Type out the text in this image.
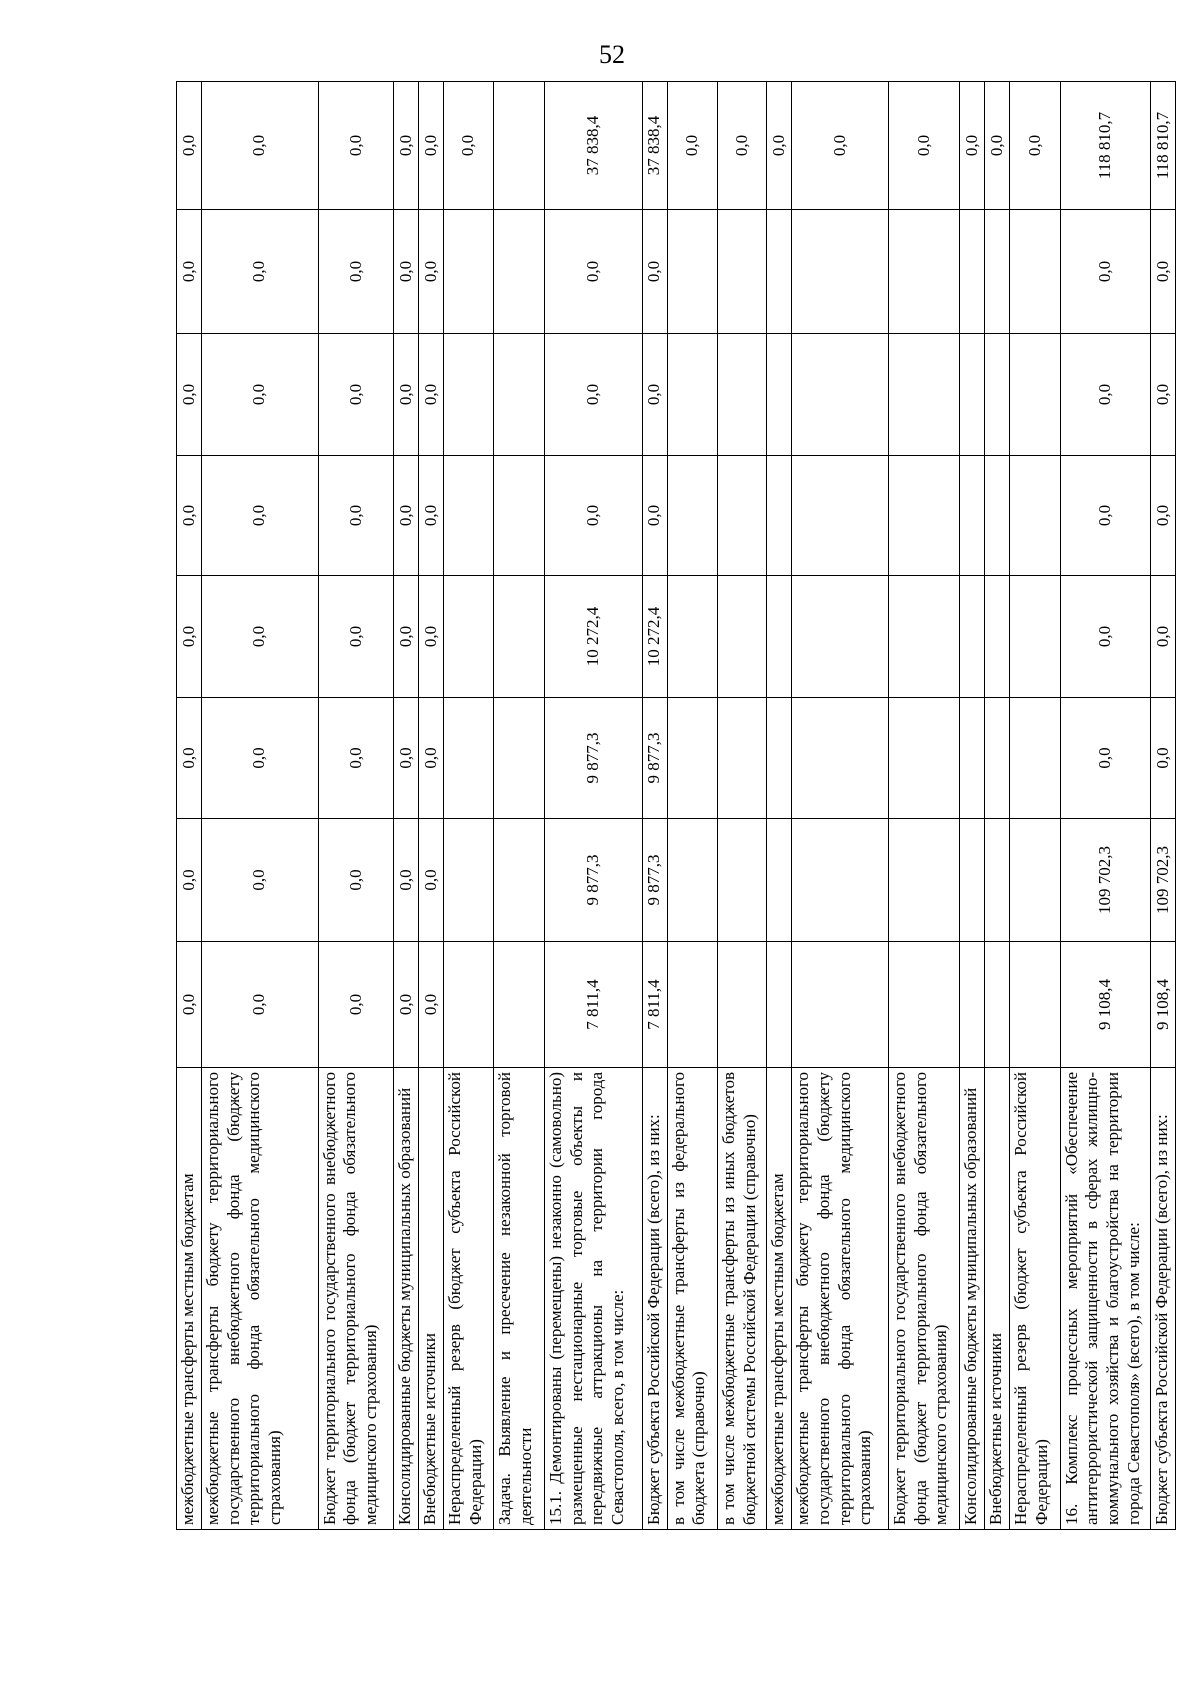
52
межбюджетные трансферты местным бюджетам	0,0	0,0	0,0	0,0	0,0	0,0	0,0	0,0
межбюджетные трансферты бюджету территориального государственного внебюджетного фонда (бюджету территориального фонда обязательного медицинского страхования)	0,0	0,0	0,0	0,0	0,0	0,0	0,0	0,0
Бюджет территориального государственного внебюджетного фонда (бюджет территориального фонда обязательного медицинского страхования)	0,0	0,0	0,0	0,0	0,0	0,0	0,0	0,0
Консолидированные бюджеты муниципальных образований	0,0	0,0	0,0	0,0	0,0	0,0	0,0	0,0
Внебюджетные источники	0,0	0,0	0,0	0,0	0,0	0,0	0,0	0,0
Нераспределенный резерв (бюджет субъекта Российской Федерации)								0,0
Задача. Выявление и пресечение незаконной торговой деятельности								
15.1. Демонтированы (перемещены) незаконно (самовольно) размещенные нестационарные торговые объекты и передвижные аттракционы на территории города Севастополя, всего, в том числе:	7 811,4	9 877,3	9 877,3	10 272,4	0,0	0,0	0,0	37 838,4
Бюджет субъекта Российской Федерации (всего), из них:	7 811,4	9 877,3	9 877,3	10 272,4	0,0	0,0	0,0	37 838,4
в том числе межбюджетные трансферты из федерального бюджета (справочно)								0,0
в том числе межбюджетные трансферты из иных бюджетов бюджетной системы Российской Федерации (справочно)								0,0
межбюджетные трансферты местным бюджетам								0,0
межбюджетные трансферты бюджету территориального государственного внебюджетного фонда (бюджету территориального фонда обязательного медицинского страхования)								0,0
Бюджет территориального государственного внебюджетного фонда (бюджет территориального фонда обязательного медицинского страхования)								0,0
Консолидированные бюджеты муниципальных образований								0,0
Внебюджетные источники								0,0
Нераспределенный резерв (бюджет субъекта Российской Федерации)								0,0
16. Комплекс процессных мероприятий «Обеспечение антитеррористической защищенности в сферах жилищно-коммунального хозяйства и благоустройства на территории города Севастополя» (всего), в том числе:	9 108,4	109 702,3	0,0	0,0	0,0	0,0	0,0	118 810,7
Бюджет субъекта Российской Федерации (всего), из них:	9 108,4	109 702,3	0,0	0,0	0,0	0,0	0,0	118 810,7
